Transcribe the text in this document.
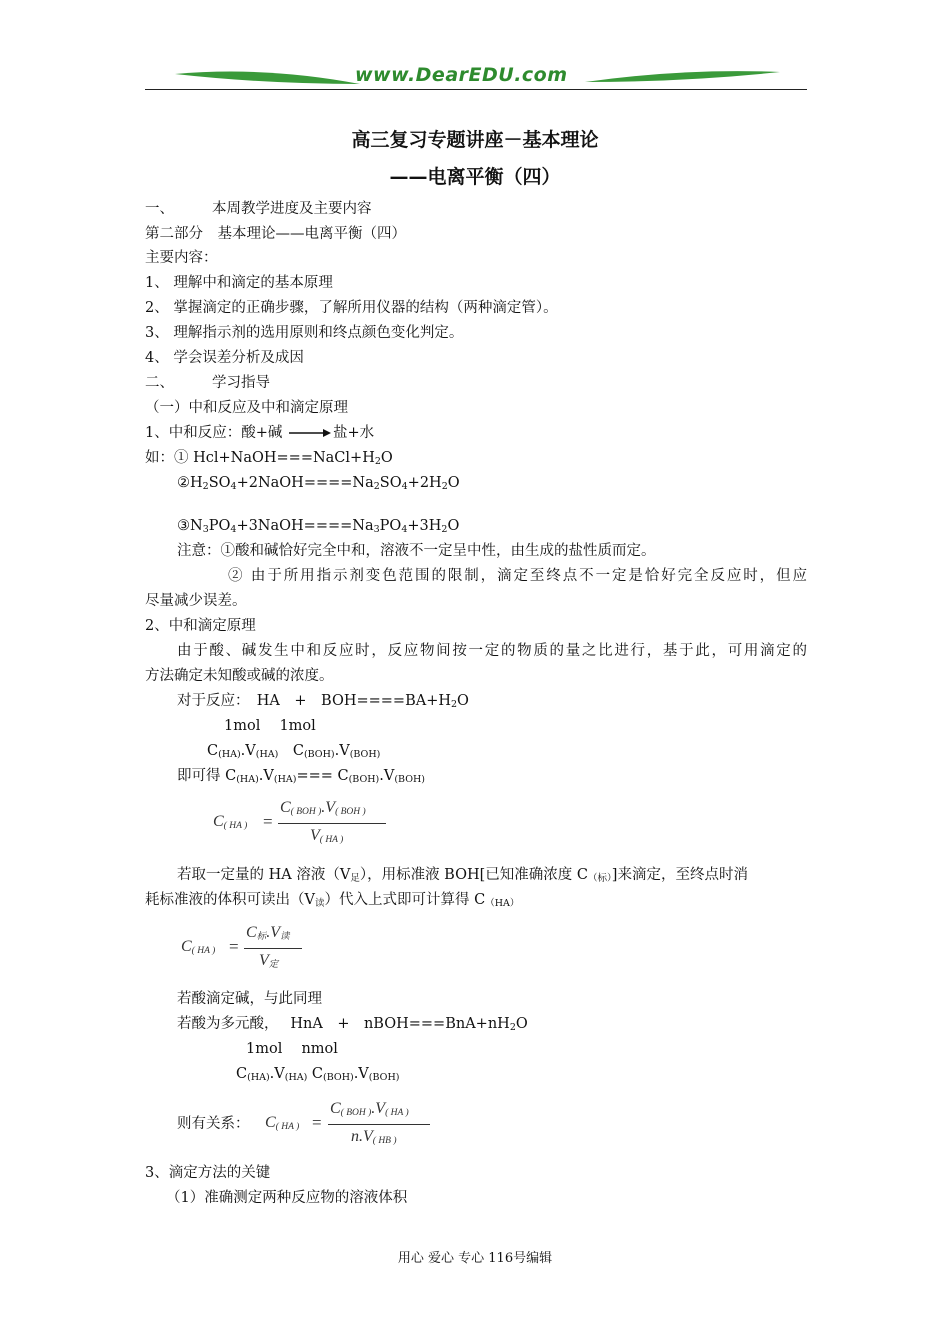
www.DearEDU.com
高三复习专题讲座－基本理论
——电离平衡（四）
一、	本周教学进度及主要内容
第二部分　基本理论——电离平衡（四）
主要内容：
1、 理解中和滴定的基本原理
2、 掌握滴定的正确步骤，了解所用仪器的结构（两种滴定管）。
3、 理解指示剂的选用原则和终点颜色变化判定。
4、 学会误差分析及成因
二、	学习指导
（一）中和反应及中和滴定原理
1、中和反应：酸+碱	盐+水
如：① $Hcl+NaOH===NaCl+H_2O$
$②H_2SO_4+2NaOH====Na_2SO_4+2H_2O$
$③N_3PO_4+3NaOH====Na_3PO_4+3H_2O$
注意：①酸和碱恰好完全中和，溶液不一定呈中性，由生成的盐性质而定。
② 由于所用指示剂变色范围的限制，滴定至终点不一定是恰好完全反应时，但应
尽量减少误差。
2、中和滴定原理
由于酸、碱发生中和反应时，反应物间按一定的物质的量之比进行，基于此，可用滴定的
方法确定未知酸或碱的浓度。
对于反应：　HA　+　$BOH====BA+H_2O$
1mol　 1mol
$C_{(HA)}.V_{(HA)}$　$C_{(BOH)}.V_{(BOH)}$
即可得 $C_{(HA)}.V_{(HA)}=== C_{(BOH)}.V_{(BOH)}$
$C_{( HA )}$ =
$C_{( BOH )}.V_{( BOH )}$
$V_{( HA )}$
若取一定量的 HA 溶液$(V_足)$，用标准液 BOH[已知准确浓度 $C_{(标)}$]来滴定，至终点时消
耗标准液的体积可读出$(V_读)$代入上式即可计算得 $C_{(HA)}$
$C_{( HA )}$ =
$C_标.V_读$
$V_定$
若酸滴定碱，与此同理
若酸为多元酸，　 HnA　+　$nBOH===BnA+nH_2O$
1mol　 nmol
$C_{(HA)}.V_{(HA)}$ $C_{(BOH)}.V_{(BOH)}$
则有关系： $C_{( HA )}$ =
$C_{( BOH )}.V_{( HA )}$
$n.V_{( HB )}$
3、滴定方法的关键
（1）准确测定两种反应物的溶液体积
用心 爱心 专心 116号编辑
